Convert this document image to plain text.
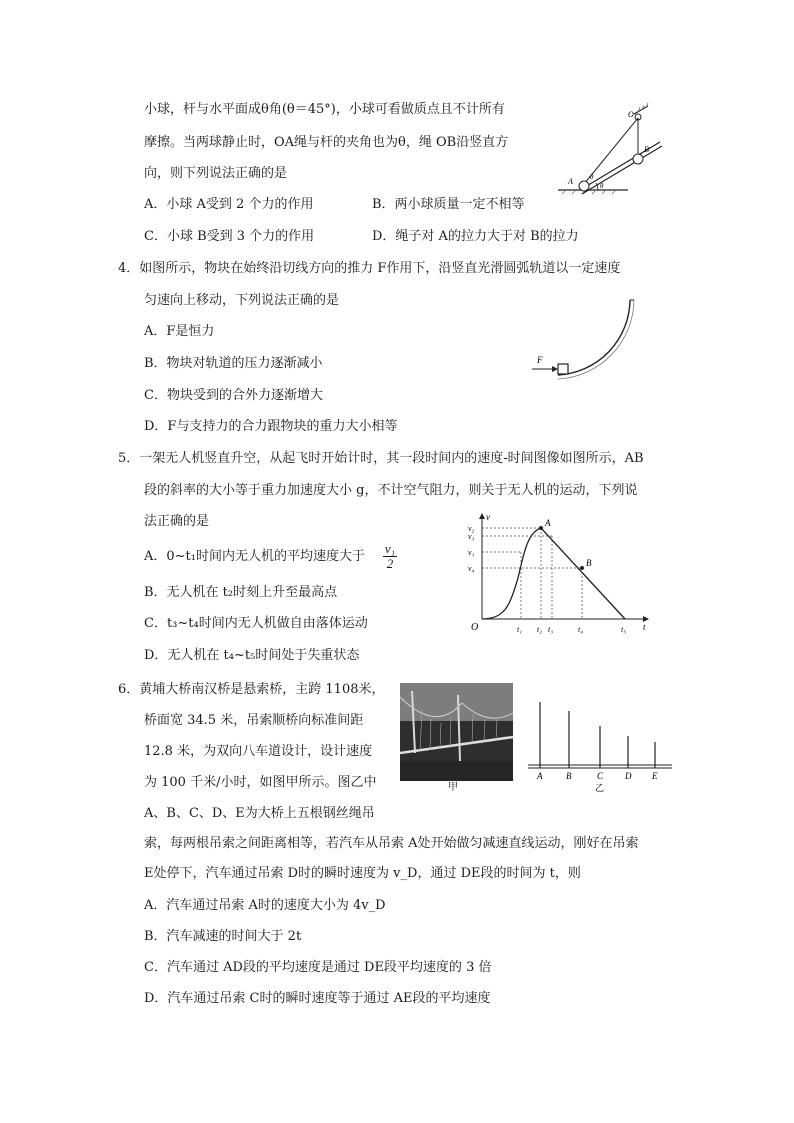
小球，杆与水平面成θ角(θ＝45°)，小球可看做质点且不计所有
摩擦。当两球静止时，OA绳与杆的夹角也为θ，绳 OB沿竖直方
向，则下列说法正确的是
A．小球 A受到 2 个力的作用	B．两小球质量一定不相等
C．小球 B受到 3 个力的作用	D．绳子对 A的拉力大于对 B的拉力
O
A
B
θ
θ
4．如图所示，物块在始终沿切线方向的推力 F作用下，沿竖直光滑圆弧轨道以一定速度
匀速向上移动，下列说法正确的是
A．F是恒力
B．物块对轨道的压力逐渐减小
C．物块受到的合外力逐渐增大
D．F与支持力的合力跟物块的重力大小相等
F
5．一架无人机竖直升空，从起飞时开始计时，其一段时间内的速度-时间图像如图所示，AB
段的斜率的大小等于重力加速度大小 g，不计空气阻力，则关于无人机的运动，下列说
法正确的是
A．0~t₁时间内无人机的平均速度大于 $\frac{\text{v₁}}{2}$
B．无人机在 t₂时刻上升至最高点
C．t₃~t₄时间内无人机做自由落体运动
D．无人机在 t₄~t₅时间处于失重状态
O	t
v
t₁ t₂ t₃	t₄	t₅
v₂
v₃
v₁
v₄
A
B
6．黄埔大桥南汉桥是悬索桥，主跨 1108米，
桥面宽 34.5 米，吊索顺桥向标准间距
12.8 米，为双向八车道设计，设计速度
为 100 千米/小时，如图甲所示。图乙中
A、B、C、D、E为大桥上五根钢丝绳吊
索，每两根吊索之间距离相等，若汽车从吊索 A处开始做匀减速直线运动，刚好在吊索
E处停下，汽车通过吊索 D时的瞬时速度为 v_D，通过 DE段的时间为 t，则
A．汽车通过吊索 A时的速度大小为 4v_D
B．汽车减速的时间大于 2t
C．汽车通过 AD段的平均速度是通过 DE段平均速度的 3 倍
D．汽车通过吊索 C时的瞬时速度等于通过 AE段的平均速度
甲
A	B	C D E
乙
